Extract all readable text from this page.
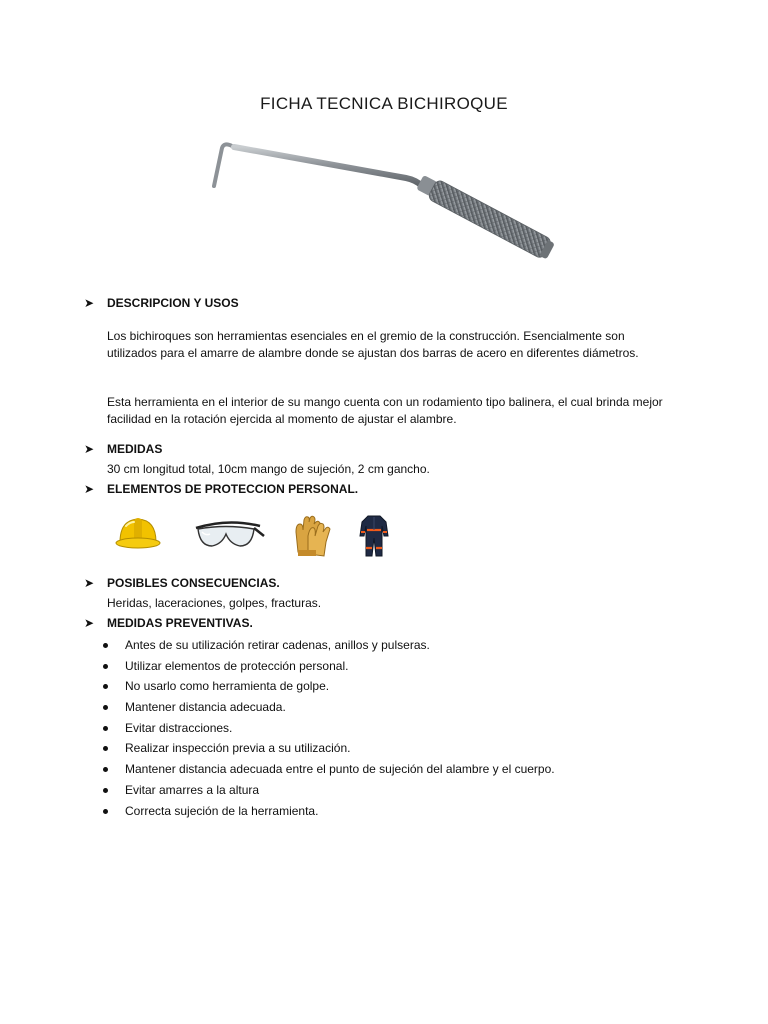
FICHA TECNICA BICHIROQUE
➤	DESCRIPCION Y USOS

Los bichiroques son herramientas esenciales en el gremio de la construcción. Esencialmente son utilizados para el amarre de alambre donde se ajustan dos barras de acero en diferentes diámetros.

Esta herramienta en el interior de su mango cuenta con un rodamiento tipo balinera, el cual brinda mejor facilidad en la rotación ejercida al momento de ajustar el alambre.

➤	MEDIDAS

30 cm longitud total, 10cm mango de sujeción, 2 cm gancho.

➤	ELEMENTOS DE PROTECCION PERSONAL.
➤	POSIBLES CONSECUENCIAS.

Heridas, laceraciones, golpes, fracturas.

➤	MEDIDAS PREVENTIVAS.
Antes de su utilización retirar cadenas, anillos y pulseras.
Utilizar elementos de protección personal.
No usarlo como herramienta de golpe.
Mantener distancia adecuada.
Evitar distracciones.
Realizar inspección previa a su utilización.
Mantener distancia adecuada entre el punto de sujeción del alambre y el cuerpo.
Evitar amarres a la altura
Correcta sujeción de la herramienta.
